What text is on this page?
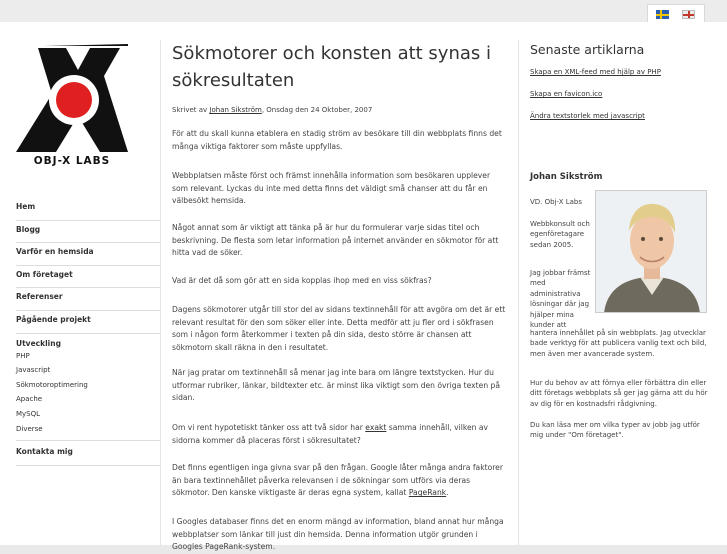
OBJ-X LABS
Hem
Blogg
Varför en hemsida
Om företaget
Referenser
Pågående projekt
Utveckling
PHP
Javascript
Sökmotoroptimering
Apache
MySQL
Diverse
Kontakta mig
Sökmotorer och konsten att synas i sökresultaten
Skrivet av Johan Sikström, Onsdag den 24 Oktober, 2007

För att du skall kunna etablera en stadig ström av besökare till din webbplats finns det många viktiga faktorer som måste uppfyllas.

Webbplatsen måste först och främst innehålla information som besökaren upplever som relevant. Lyckas du inte med detta finns det väldigt små chanser att du får en välbesökt hemsida.

Något annat som är viktigt att tänka på är hur du formulerar varje sidas titel och beskrivning. De flesta som letar information på internet använder en sökmotor för att hitta vad de söker.

Vad är det då som gör att en sida kopplas ihop med en viss sökfras?

Dagens sökmotorer utgår till stor del av sidans textinnehåll för att avgöra om det är ett relevant resultat för den som söker eller inte. Detta medför att ju fler ord i sökfrasen som i någon form återkommer i texten på din sida, desto större är chansen att sökmotorn skall räkna in den i resultatet.

När jag pratar om textinnehåll så menar jag inte bara om längre textstycken. Hur du utformar rubriker, länkar, bildtexter etc. är minst lika viktigt som den övriga texten på sidan.

Om vi rent hypotetiskt tänker oss att två sidor har exakt samma innehåll, vilken av sidorna kommer då placeras först i sökresultatet?

Det finns egentligen inga givna svar på den frågan. Google låter många andra faktorer än bara textinnehållet påverka relevansen i de sökningar som utförs via deras sökmotor. Den kanske viktigaste är deras egna system, kallat PageRank.

I Googles databaser finns det en enorm mängd av information, bland annat hur många webbplatser som länkar till just din hemsida. Denna information utgör grunden i Googles PageRank-system.

Senaste artiklarna
Skapa en XML-feed med hjälp av PHP
Skapa en favicon.ico
Ändra textstorlek med javascript
Johan Sikström

VD. Obj-X Labs

Webbkonsult och egenföretagare sedan 2005.

Jag jobbar främst med administrativa lösningar där jag hjälper mina kunder att

hantera innehållet på sin webbplats. Jag utvecklar bade verktyg för att publicera vanlig text och bild, men även mer avancerade system.

Hur du behov av att förnya eller förbättra din eller ditt företags webbplats så ger jag gärna att du hör av dig för en kostnadsfri rådgivning.

Du kan läsa mer om vilka typer av jobb jag utför mig under "Om företaget".
